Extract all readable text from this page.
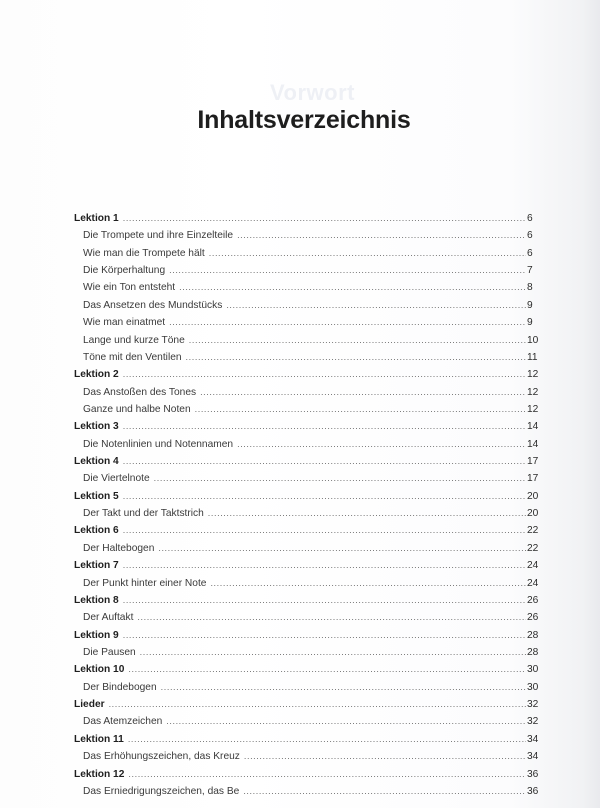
Vorwort
Inhaltsverzeichnis
Lektion 1 .....	6
Die Trompete und ihre Einzelteile .....	6
Wie man die Trompete hält .....	6
Die Körperhaltung .....	7
Wie ein Ton entsteht .....	8
Das Ansetzen des Mundstücks .....	9
Wie man einatmet .....	9
Lange und kurze Töne .....	10
Töne mit den Ventilen .....	11
Lektion 2 .....	12
Das Anstoßen des Tones .....	12
Ganze und halbe Noten .....	12
Lektion 3 .....	14
Die Notenlinien und Notennamen .....	14
Lektion 4 .....	17
Die Viertelnote .....	17
Lektion 5 .....	20
Der Takt und der Taktstrich .....	20
Lektion 6 .....	22
Der Haltebogen .....	22
Lektion 7 .....	24
Der Punkt hinter einer Note .....	24
Lektion 8 .....	26
Der Auftakt .....	26
Lektion 9 .....	28
Die Pausen .....	28
Lektion 10 .....	30
Der Bindebogen .....	30
Lieder .....	32
Das Atemzeichen .....	32
Lektion 11 .....	34
Das Erhöhungszeichen, das Kreuz .....	34
Lektion 12 .....	36
Das Erniedrigungszeichen, das Be .....	36
